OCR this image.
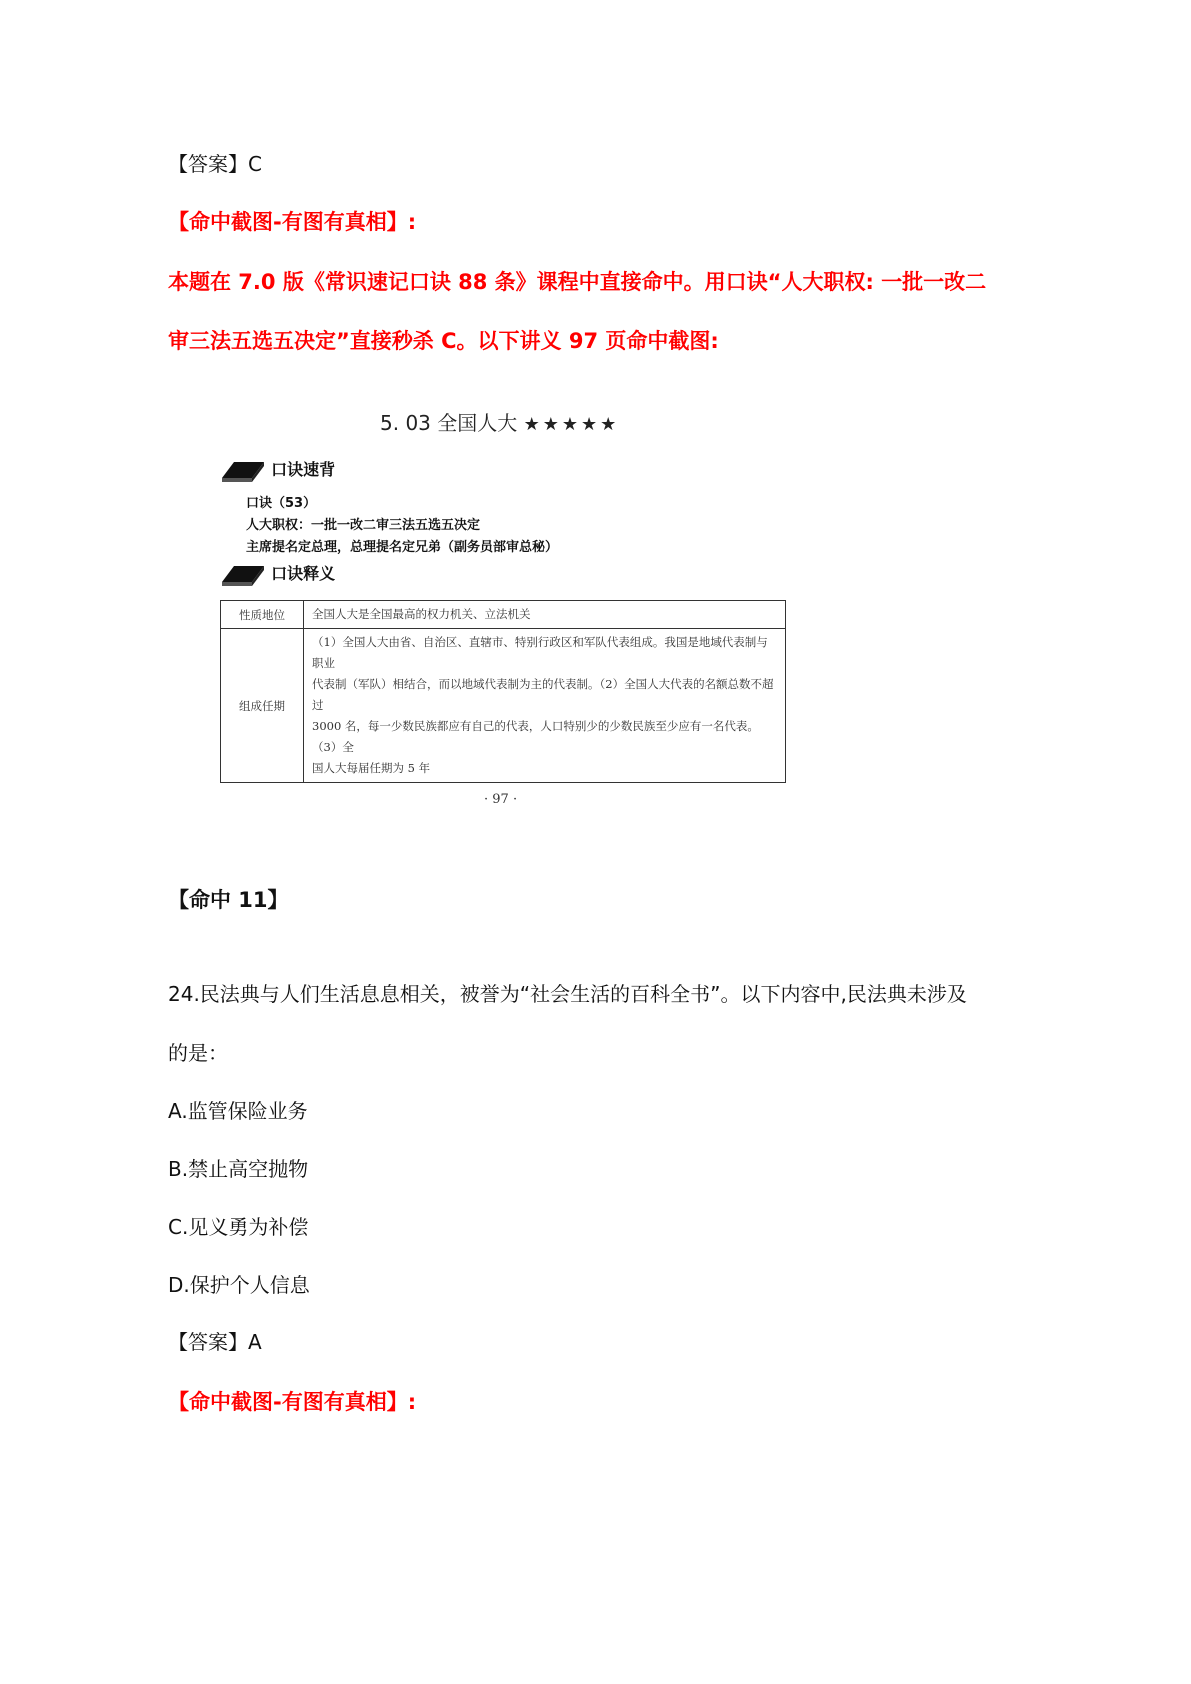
【答案】C
【命中截图-有图有真相】:
本题在 7.0 版《常识速记口诀 88 条》课程中直接命中。用口诀“人大职权: 一批一改二
审三法五选五决定”直接秒杀 C。以下讲义 97 页命中截图:
5. 03 全国人大 ★★★★★
口诀速背
口诀（53）
人大职权：一批一改二审三法五选五决定
主席提名定总理，总理提名定兄弟（副务员部审总秘）
口诀释义
性质地位	全国人大是全国最高的权力机关、立法机关
组成任期	（1）全国人大由省、自治区、直辖市、特别行政区和军队代表组成。我国是地域代表制与职业
代表制（军队）相结合，而以地域代表制为主的代表制。（2）全国人大代表的名额总数不超过
3000 名，每一少数民族都应有自己的代表，人口特别少的少数民族至少应有一名代表。（3）全
国人大每届任期为 5 年
· 97 ·
【命中 11】
24.民法典与人们生活息息相关，被誉为“社会生活的百科全书”。以下内容中,民法典未涉及
的是：
A.监管保险业务
B.禁止高空抛物
C.见义勇为补偿
D.保护个人信息
【答案】A
【命中截图-有图有真相】:
